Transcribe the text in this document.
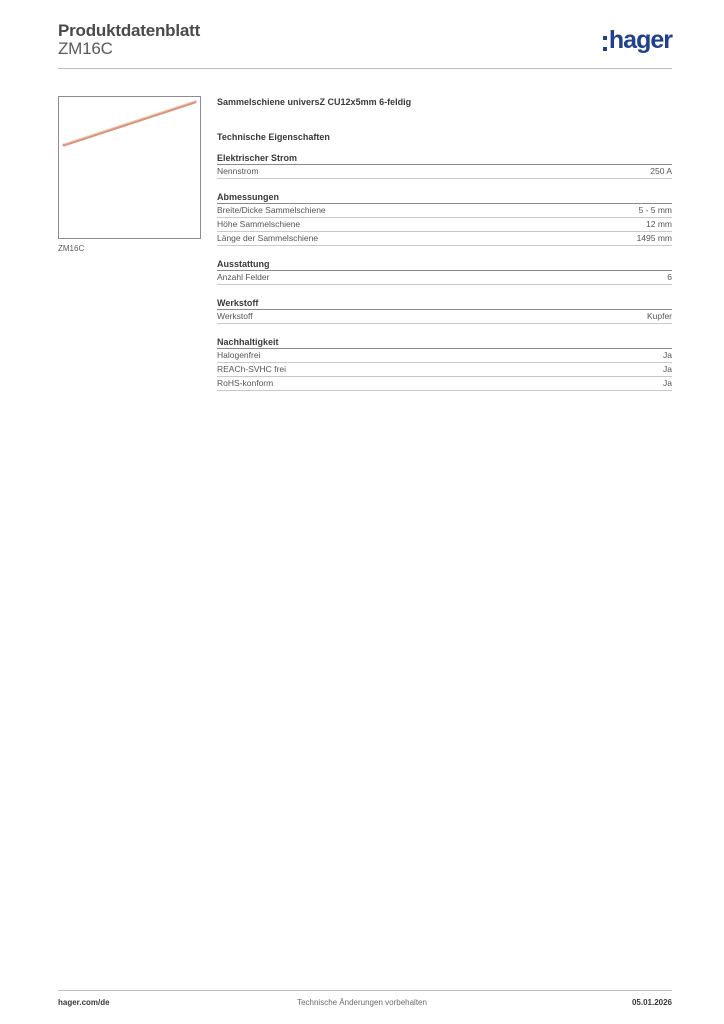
Produktdatenblatt
ZM16C	hager
ZM16C
Sammelschiene universZ CU12x5mm 6-feldig
Technische Eigenschaften
Elektrischer Strom
Nennstrom	250 A
Abmessungen
Breite/Dicke Sammelschiene	5 - 5 mm
Höhe Sammelschiene	12 mm
Länge der Sammelschiene	1495 mm
Ausstattung
Anzahl Felder	6
Werkstoff
Werkstoff	Kupfer
Nachhaltigkeit
Halogenfrei	Ja
REACh-SVHC frei	Ja
RoHS-konform	Ja
hager.com/de	Technische Änderungen vorbehalten	05.01.2026
